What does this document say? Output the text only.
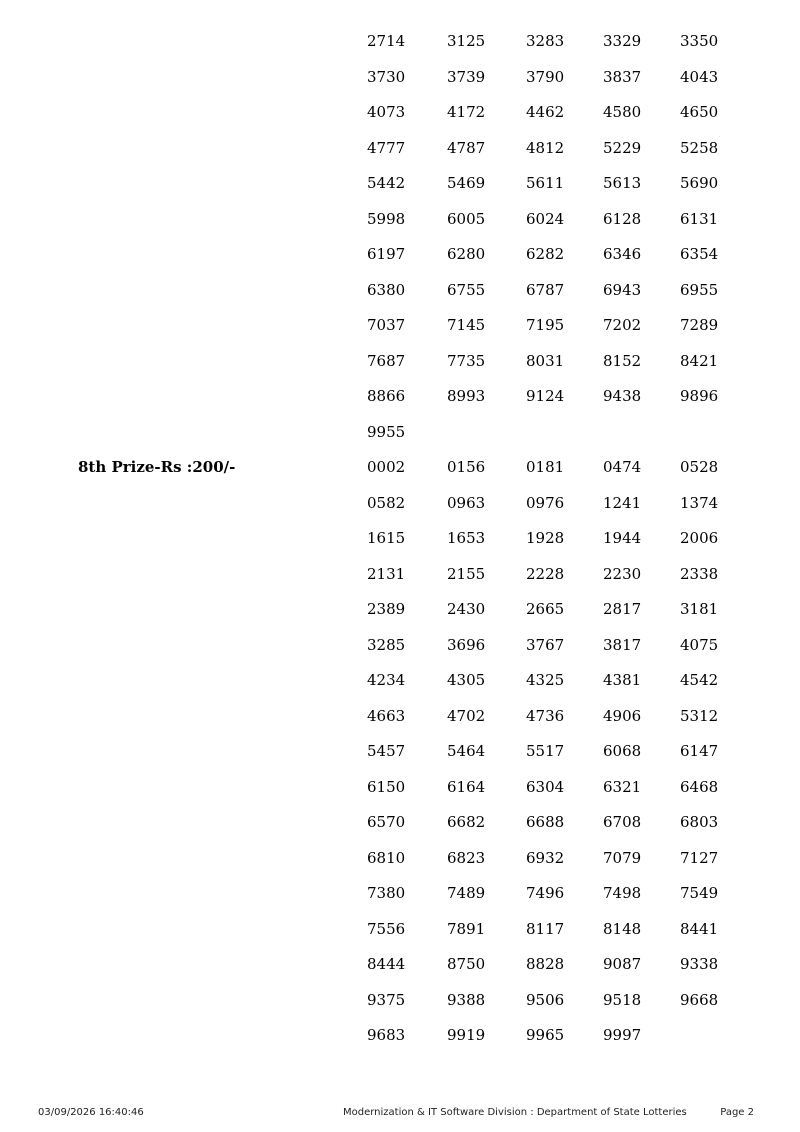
2714	3125	3283	3329	3350
3730	3739	3790	3837	4043
4073	4172	4462	4580	4650
4777	4787	4812	5229	5258
5442	5469	5611	5613	5690
5998	6005	6024	6128	6131
6197	6280	6282	6346	6354
6380	6755	6787	6943	6955
7037	7145	7195	7202	7289
7687	7735	8031	8152	8421
8866	8993	9124	9438	9896
9955
8th Prize-Rs :200/-	0002	0156	0181	0474	0528
0582	0963	0976	1241	1374
1615	1653	1928	1944	2006
2131	2155	2228	2230	2338
2389	2430	2665	2817	3181
3285	3696	3767	3817	4075
4234	4305	4325	4381	4542
4663	4702	4736	4906	5312
5457	5464	5517	6068	6147
6150	6164	6304	6321	6468
6570	6682	6688	6708	6803
6810	6823	6932	7079	7127
7380	7489	7496	7498	7549
7556	7891	8117	8148	8441
8444	8750	8828	9087	9338
9375	9388	9506	9518	9668
9683	9919	9965	9997
03/09/2026 16:40:46	Modernization & IT Software Division : Department of State Lotteries	Page 2
